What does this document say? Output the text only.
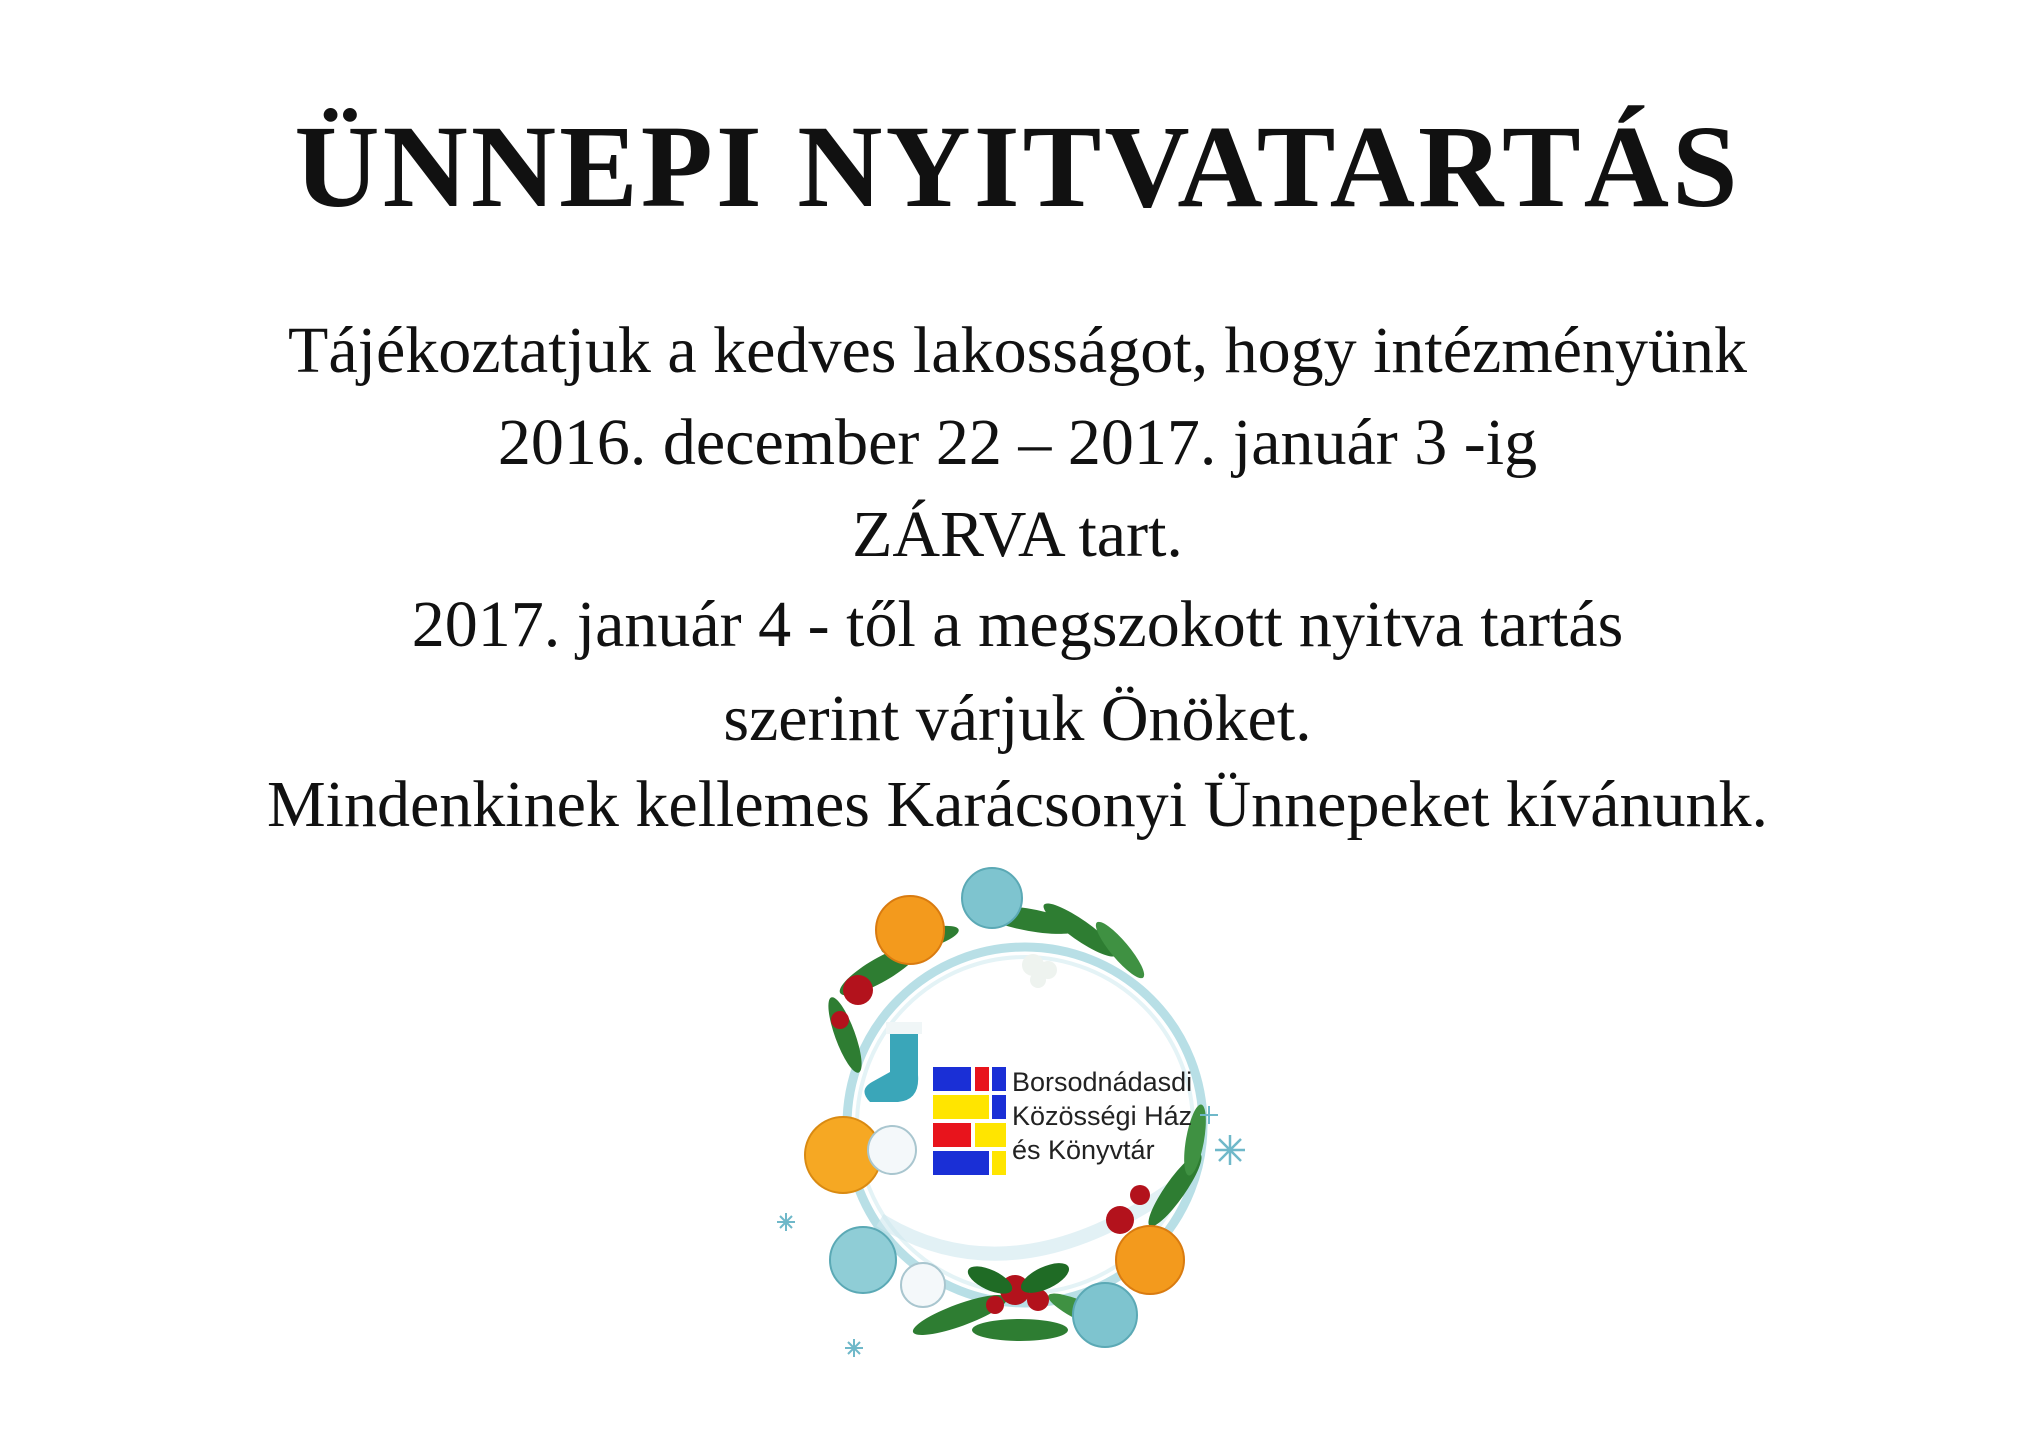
ÜNNEPI NYITVATARTÁS
Tájékoztatjuk a kedves lakosságot, hogy intézményünk
2016. december 22 – 2017. január 3 -ig
ZÁRVA tart.
2017. január 4 - től a megszokott nyitva tartás
szerint várjuk Önöket.
Mindenkinek kellemes Karácsonyi Ünnepeket kívánunk.
Borsodnádasdi
Közösségi Ház
és Könyvtár
